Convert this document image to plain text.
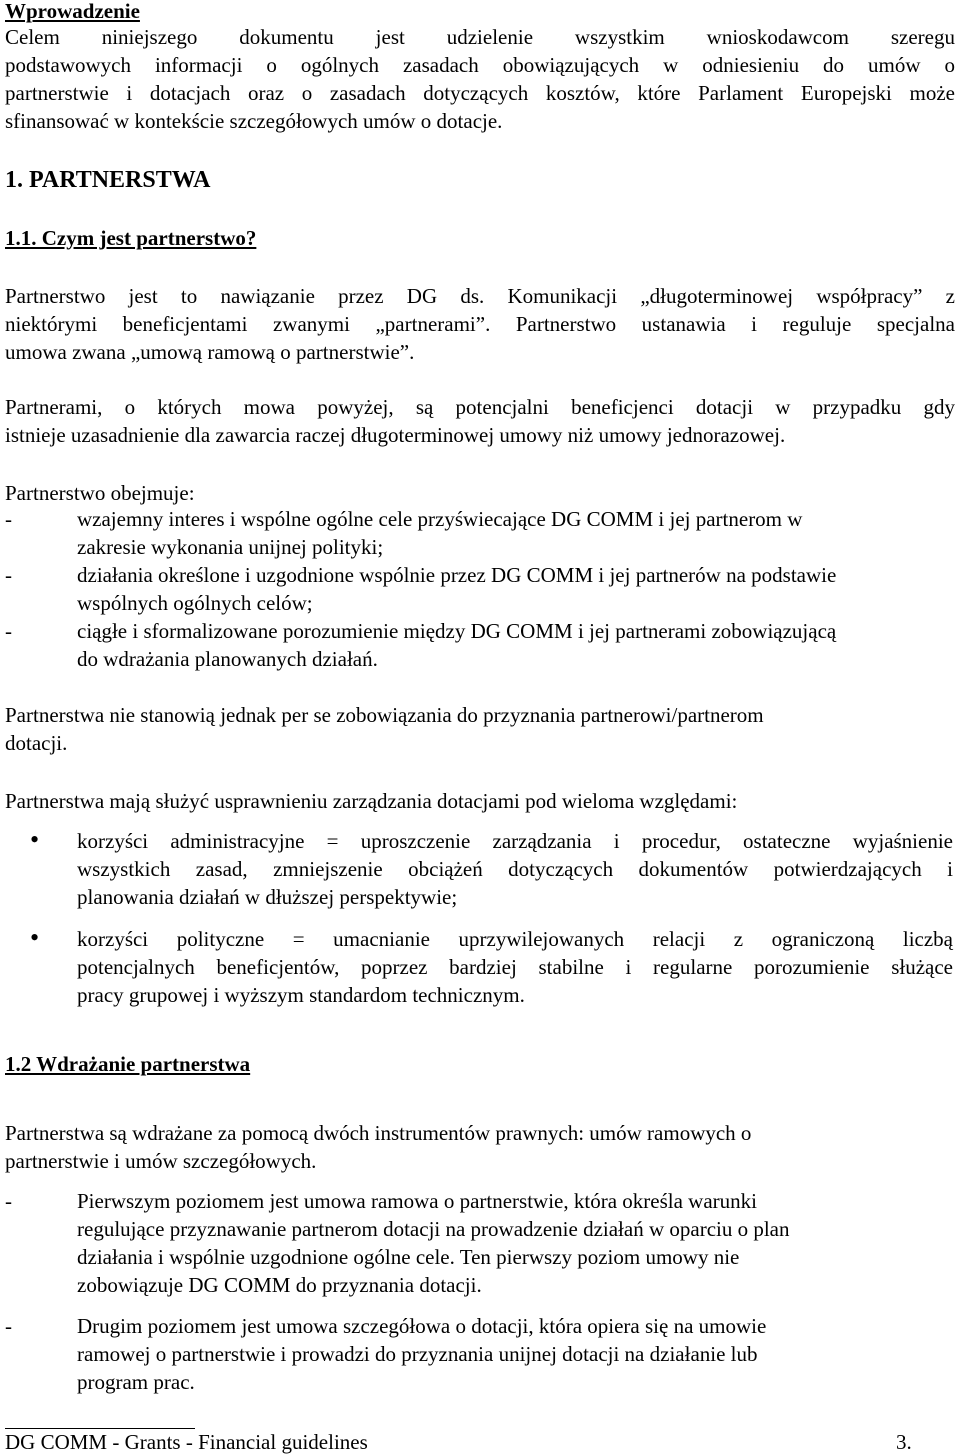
Wprowadzenie
Celem niniejszego dokumentu jest udzielenie wszystkim wnioskodawcom szeregu
podstawowych informacji o ogólnych zasadach obowiązujących w odniesieniu do umów o
partnerstwie i dotacjach oraz o zasadach dotyczących kosztów, które Parlament Europejski może
sfinansować w kontekście szczegółowych umów o dotacje.
1. PARTNERSTWA
1.1. Czym jest partnerstwo?
Partnerstwo jest to nawiązanie przez DG ds. Komunikacji „długoterminowej współpracy” z
niektórymi beneficjentami zwanymi „partnerami”. Partnerstwo ustanawia i reguluje specjalna
umowa zwana „umową ramową o partnerstwie”.
Partnerami, o których mowa powyżej, są potencjalni beneficjenci dotacji w przypadku gdy
istnieje uzasadnienie dla zawarcia raczej długoterminowej umowy niż umowy jednorazowej.
Partnerstwo obejmuje:
-	wzajemny interes i wspólne ogólne cele przyświecające DG COMM i jej partnerom w
zakresie wykonania unijnej polityki;
-	działania określone i uzgodnione wspólnie przez DG COMM i jej partnerów na podstawie
wspólnych ogólnych celów;
-	ciągłe i sformalizowane porozumienie między DG COMM i jej partnerami zobowiązującą
do wdrażania planowanych działań.
Partnerstwa nie stanowią jednak per se zobowiązania do przyznania partnerowi/partnerom
dotacji.
Partnerstwa mają służyć usprawnieniu zarządzania dotacjami pod wieloma względami:
• korzyści administracyjne = uproszczenie zarządzania i procedur, ostateczne wyjaśnienie
wszystkich zasad, zmniejszenie obciążeń dotyczących dokumentów potwierdzających i
planowania działań w dłuższej perspektywie;
• korzyści polityczne = umacnianie uprzywilejowanych relacji z ograniczoną liczbą
potencjalnych beneficjentów, poprzez bardziej stabilne i regularne porozumienie służące
pracy grupowej i wyższym standardom technicznym.
1.2 Wdrażanie partnerstwa
Partnerstwa są wdrażane za pomocą dwóch instrumentów prawnych: umów ramowych o
partnerstwie i umów szczegółowych.
-	Pierwszym poziomem jest umowa ramowa o partnerstwie, która określa warunki
regulujące przyznawanie partnerom dotacji na prowadzenie działań w oparciu o plan
działania i wspólnie uzgodnione ogólne cele. Ten pierwszy poziom umowy nie
zobowiązuje DG COMM do przyznania dotacji.
-	Drugim poziomem jest umowa szczegółowa o dotacji, która opiera się na umowie
ramowej o partnerstwie i prowadzi do przyznania unijnej dotacji na działanie lub
program prac.
DG COMM - Grants - Financial guidelines	3.
